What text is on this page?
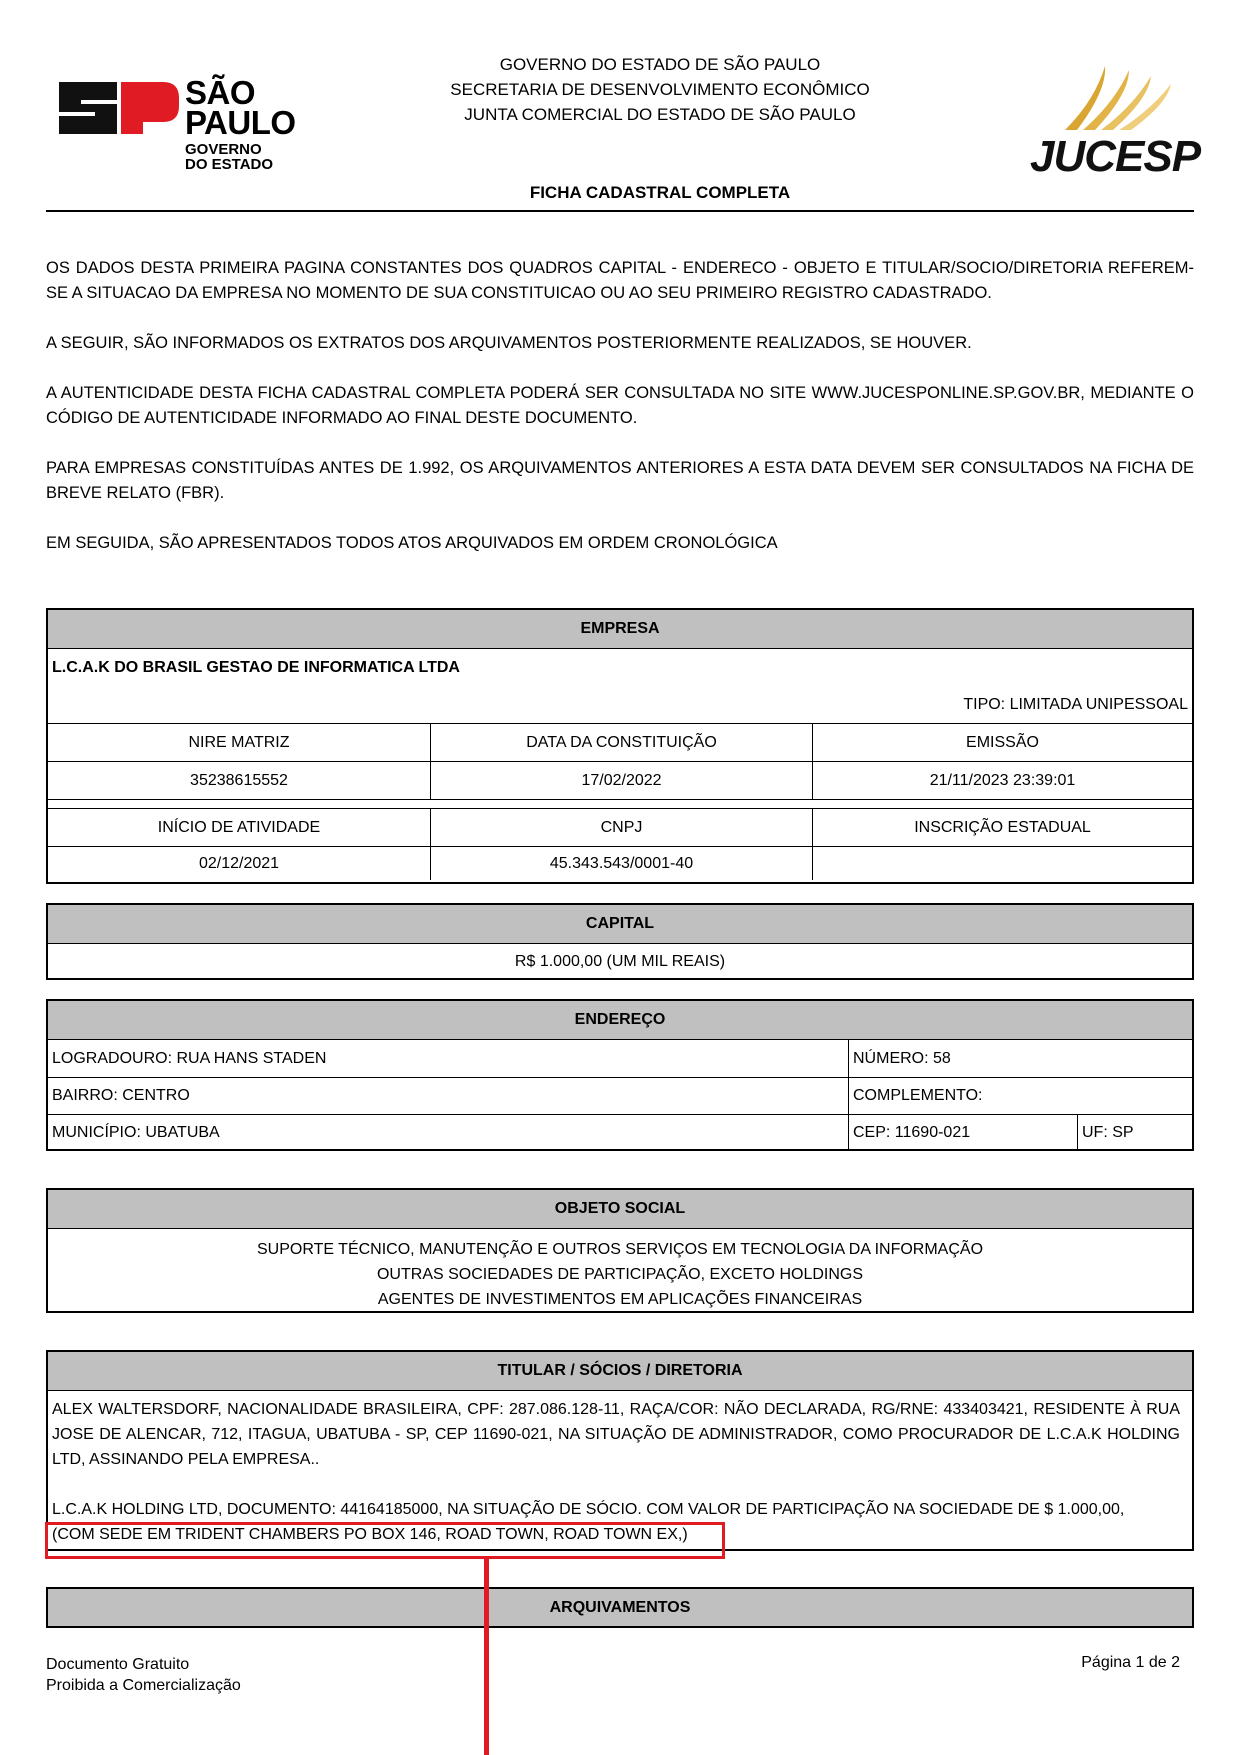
SÃO
PAULO
GOVERNO
DO ESTADO
GOVERNO DO ESTADO DE SÃO PAULO
SECRETARIA DE DESENVOLVIMENTO ECONÔMICO
JUNTA COMERCIAL DO ESTADO DE SÃO PAULO
JUCESP
FICHA CADASTRAL COMPLETA
OS DADOS DESTA PRIMEIRA PAGINA CONSTANTES DOS QUADROS CAPITAL - ENDERECO - OBJETO E TITULAR/SOCIO/DIRETORIA REFEREM-SE A SITUACAO DA EMPRESA NO MOMENTO DE SUA CONSTITUICAO OU AO SEU PRIMEIRO REGISTRO CADASTRADO.
A SEGUIR, SÃO INFORMADOS OS EXTRATOS DOS ARQUIVAMENTOS POSTERIORMENTE REALIZADOS, SE HOUVER.
A AUTENTICIDADE DESTA FICHA CADASTRAL COMPLETA PODERÁ SER CONSULTADA NO SITE WWW.JUCESPONLINE.SP.GOV.BR, MEDIANTE O CÓDIGO DE AUTENTICIDADE INFORMADO AO FINAL DESTE DOCUMENTO.
PARA EMPRESAS CONSTITUÍDAS ANTES DE 1.992, OS ARQUIVAMENTOS ANTERIORES A ESTA DATA DEVEM SER CONSULTADOS NA FICHA DE BREVE RELATO (FBR).
EM SEGUIDA, SÃO APRESENTADOS TODOS ATOS ARQUIVADOS EM ORDEM CRONOLÓGICA
EMPRESA
L.C.A.K DO BRASIL GESTAO DE INFORMATICA LTDA
TIPO: LIMITADA UNIPESSOAL
NIRE MATRIZ	DATA DA CONSTITUIÇÃO	EMISSÃO
35238615552	17/02/2022	21/11/2023 23:39:01
INÍCIO DE ATIVIDADE	CNPJ	INSCRIÇÃO ESTADUAL
02/12/2021	45.343.543/0001-40
CAPITAL
R$ 1.000,00 (UM MIL REAIS)
ENDEREÇO
LOGRADOURO: RUA HANS STADEN	NÚMERO: 58
BAIRRO: CENTRO	COMPLEMENTO:
MUNICÍPIO: UBATUBA	CEP: 11690-021	UF: SP
OBJETO SOCIAL
SUPORTE TÉCNICO, MANUTENÇÃO E OUTROS SERVIÇOS EM TECNOLOGIA DA INFORMAÇÃO
OUTRAS SOCIEDADES DE PARTICIPAÇÃO, EXCETO HOLDINGS
AGENTES DE INVESTIMENTOS EM APLICAÇÕES FINANCEIRAS
TITULAR / SÓCIOS / DIRETORIA
ALEX WALTERSDORF, NACIONALIDADE BRASILEIRA, CPF: 287.086.128-11, RAÇA/COR: NÃO DECLARADA, RG/RNE: 433403421, RESIDENTE À RUA JOSE DE ALENCAR, 712, ITAGUA, UBATUBA - SP, CEP 11690-021, NA SITUAÇÃO DE ADMINISTRADOR, COMO PROCURADOR DE L.C.A.K HOLDING LTD, ASSINANDO PELA EMPRESA..
L.C.A.K HOLDING LTD, DOCUMENTO: 44164185000, NA SITUAÇÃO DE SÓCIO. COM VALOR DE PARTICIPAÇÃO NA SOCIEDADE DE $ 1.000,00,
(COM SEDE EM TRIDENT CHAMBERS PO BOX 146, ROAD TOWN, ROAD TOWN EX,)
ARQUIVAMENTOS
Documento Gratuito
Proibida a Comercialização
Página 1 de 2
